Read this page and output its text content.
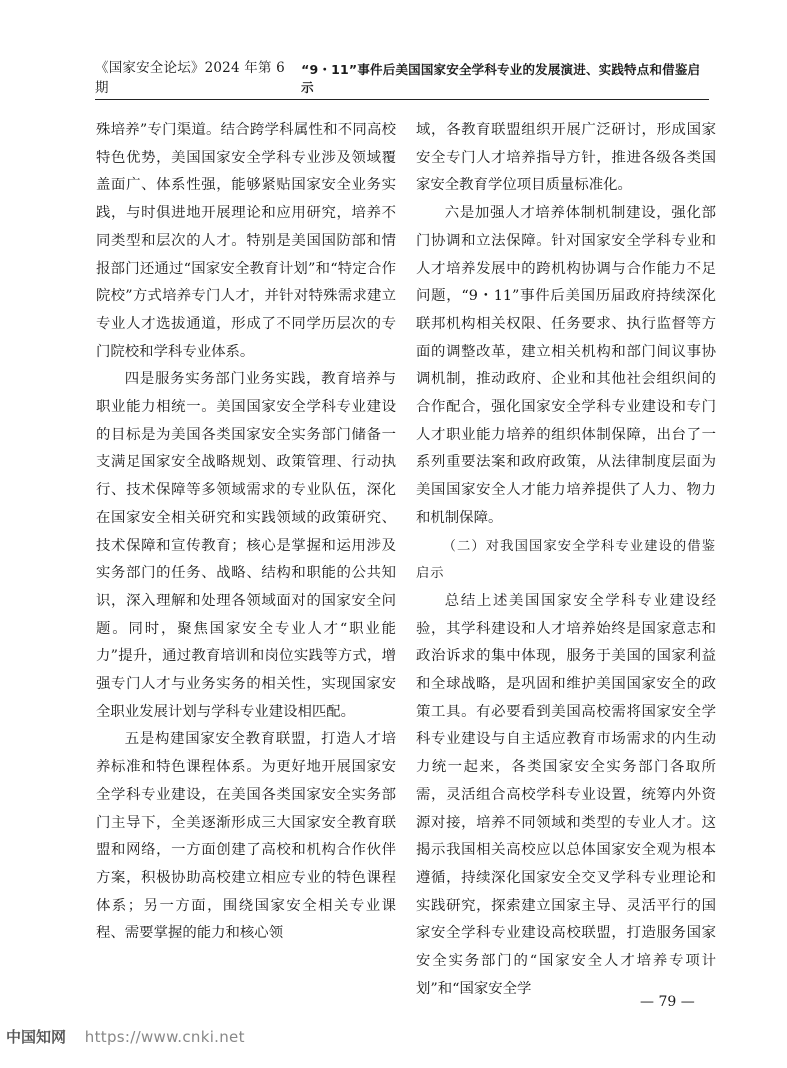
《国家安全论坛》2024 年第 6 期
“9・11”事件后美国国家安全学科专业的发展演进、实践特点和借鉴启示

殊培养”专门渠道。结合跨学科属性和不同高校特色优势，美国国家安全学科专业涉及领域覆盖面广、体系性强，能够紧贴国家安全业务实践，与时俱进地开展理论和应用研究，培养不同类型和层次的人才。特别是美国国防部和情报部门还通过“国家安全教育计划”和“特定合作院校”方式培养专门人才，并针对特殊需求建立专业人才选拔通道，形成了不同学历层次的专门院校和学科专业体系。

四是服务实务部门业务实践，教育培养与职业能力相统一。美国国家安全学科专业建设的目标是为美国各类国家安全实务部门储备一支满足国家安全战略规划、政策管理、行动执行、技术保障等多领域需求的专业队伍，深化在国家安全相关研究和实践领域的政策研究、技术保障和宣传教育；核心是掌握和运用涉及实务部门的任务、战略、结构和职能的公共知识，深入理解和处理各领域面对的国家安全问题。同时，聚焦国家安全专业人才“职业能力”提升，通过教育培训和岗位实践等方式，增强专门人才与业务实务的相关性，实现国家安全职业发展计划与学科专业建设相匹配。

五是构建国家安全教育联盟，打造人才培养标准和特色课程体系。为更好地开展国家安全学科专业建设，在美国各类国家安全实务部门主导下，全美逐渐形成三大国家安全教育联盟和网络，一方面创建了高校和机构合作伙伴方案，积极协助高校建立相应专业的特色课程体系；另一方面，围绕国家安全相关专业课程、需要掌握的能力和核心领

域，各教育联盟组织开展广泛研讨，形成国家安全专门人才培养指导方针，推进各级各类国家安全教育学位项目质量标准化。

六是加强人才培养体制机制建设，强化部门协调和立法保障。针对国家安全学科专业和人才培养发展中的跨机构协调与合作能力不足问题，“9・11”事件后美国历届政府持续深化联邦机构相关权限、任务要求、执行监督等方面的调整改革，建立相关机构和部门间议事协调机制，推动政府、企业和其他社会组织间的合作配合，强化国家安全学科专业建设和专门人才职业能力培养的组织体制保障，出台了一系列重要法案和政府政策，从法律制度层面为美国国家安全人才能力培养提供了人力、物力和机制保障。

（二）对我国国家安全学科专业建设的借鉴启示

总结上述美国国家安全学科专业建设经验，其学科建设和人才培养始终是国家意志和政治诉求的集中体现，服务于美国的国家利益和全球战略，是巩固和维护美国国家安全的政策工具。有必要看到美国高校需将国家安全学科专业建设与自主适应教育市场需求的内生动力统一起来，各类国家安全实务部门各取所需，灵活组合高校学科专业设置，统筹内外资源对接，培养不同领域和类型的专业人才。这揭示我国相关高校应以总体国家安全观为根本遵循，持续深化国家安全交叉学科专业理论和实践研究，探索建立国家主导、灵活平行的国家安全学科专业建设高校联盟，打造服务国家安全实务部门的“国家安全人才培养专项计划”和“国家安全学

— 79 —
中国知网 https://www.cnki.net
